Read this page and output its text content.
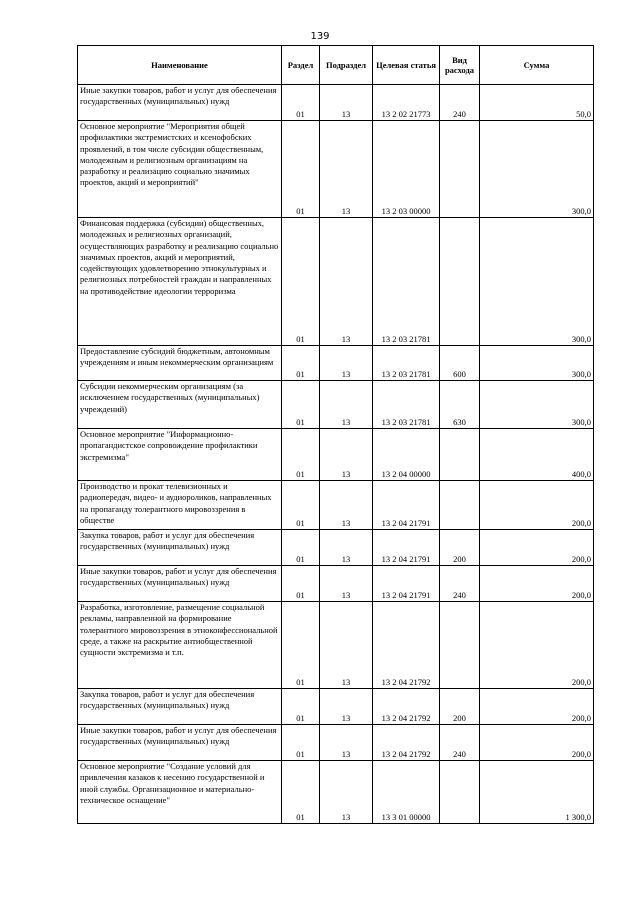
139
Наименование	Раздел	Подраздел	Целевая статья	Вид расхода	Сумма
Иные закупки товаров, работ и услуг для обеспечения государственных (муниципальных) нужд	01	13	13 2 02 21773	240	50,0
Основное мероприятие "Мероприятия общей профилактики экстремистских и ксенофобских проявлений, в том числе субсидии общественным, молодежным и религиозным организациям на разработку и реализацию социально значимых проектов, акций и мероприятий"	01	13	13 2 03 00000		300,0
Финансовая поддержка (субсидии) общественных, молодежных и религиозных организаций, осуществляющих разработку и реализацию социально значимых проектов, акций и мероприятий, содействующих удовлетворению этнокультурных и религиозных потребностей граждан и направленных на противодействие идеологии терроризма	01	13	13 2 03 21781		300,0
Предоставление субсидий бюджетным, автономным учреждениям и иным некоммерческим организациям	01	13	13 2 03 21781	600	300,0
Субсидии некоммерческим организациям (за исключением государственных (муниципальных) учреждений)	01	13	13 2 03 21781	630	300,0
Основное мероприятие "Информационно-пропагандистское сопровождение профилактики экстремизма"	01	13	13 2 04 00000		400,0
Производство и прокат телевизионных и радиопередач, видео- и аудиороликов, направленных на пропаганду толерантного мировоззрения в обществе	01	13	13 2 04 21791		200,0
Закупка товаров, работ и услуг для обеспечения государственных (муниципальных) нужд	01	13	13 2 04 21791	200	200,0
Иные закупки товаров, работ и услуг для обеспечения государственных (муниципальных) нужд	01	13	13 2 04 21791	240	200,0
Разработка, изготовление, размещение социальной рекламы, направленной на формирование толерантного мировоззрения в этноконфессиональной среде, а также на раскрытие антиобщественной сущности экстремизма и т.п.	01	13	13 2 04 21792		200,0
Закупка товаров, работ и услуг для обеспечения государственных (муниципальных) нужд	01	13	13 2 04 21792	200	200,0
Иные закупки товаров, работ и услуг для обеспечения государственных (муниципальных) нужд	01	13	13 2 04 21792	240	200,0
Основное мероприятие "Создание условий для привлечения казаков к несению государственной и иной службы. Организационное и материально-техническое оснащение"	01	13	13 3 01 00000		1 300,0
